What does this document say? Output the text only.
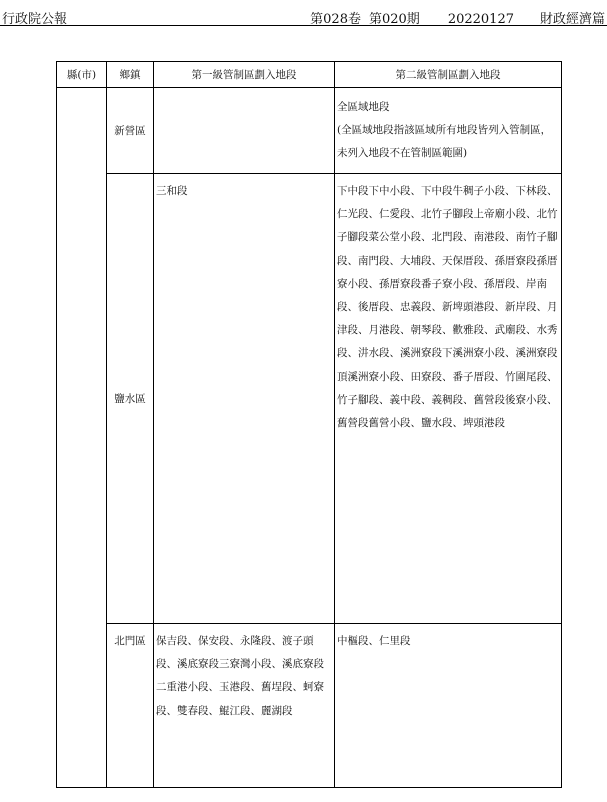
行政院公報	第028卷 第020期 20220127 財政經濟篇
縣(市)	鄉鎮	第一級管制區劃入地段	第二級管制區劃入地段
	新營區		全區域地段
(全區域地段指該區域所有地段皆列入管制區，未列入地段不在管制區範圍)

	鹽水區	三和段	下中段下中小段、下中段牛稠子小段、下林段、仁光段、仁愛段、北竹子腳段上帝廟小段、北竹子腳段菜公堂小段、北門段、南港段、南竹子腳段、南門段、大埔段、天保厝段、孫厝寮段孫厝寮小段、孫厝寮段番子寮小段、孫厝段、岸南段、後厝段、忠義段、新埤頭港段、新岸段、月津段、月港段、朝琴段、歡雅段、武廟段、水秀段、汫水段、溪洲寮段下溪洲寮小段、溪洲寮段頂溪洲寮小段、田寮段、番子厝段、竹圍尾段、竹子腳段、義中段、義稠段、舊營段後寮小段、舊營段舊營小段、鹽水段、埤頭港段
	北門區	保吉段、保安段、永隆段、渡子頭段、溪底寮段三寮灣小段、溪底寮段二重港小段、玉港段、舊埕段、蚵寮段、雙春段、鯤江段、麗湖段	中樞段、仁里段
